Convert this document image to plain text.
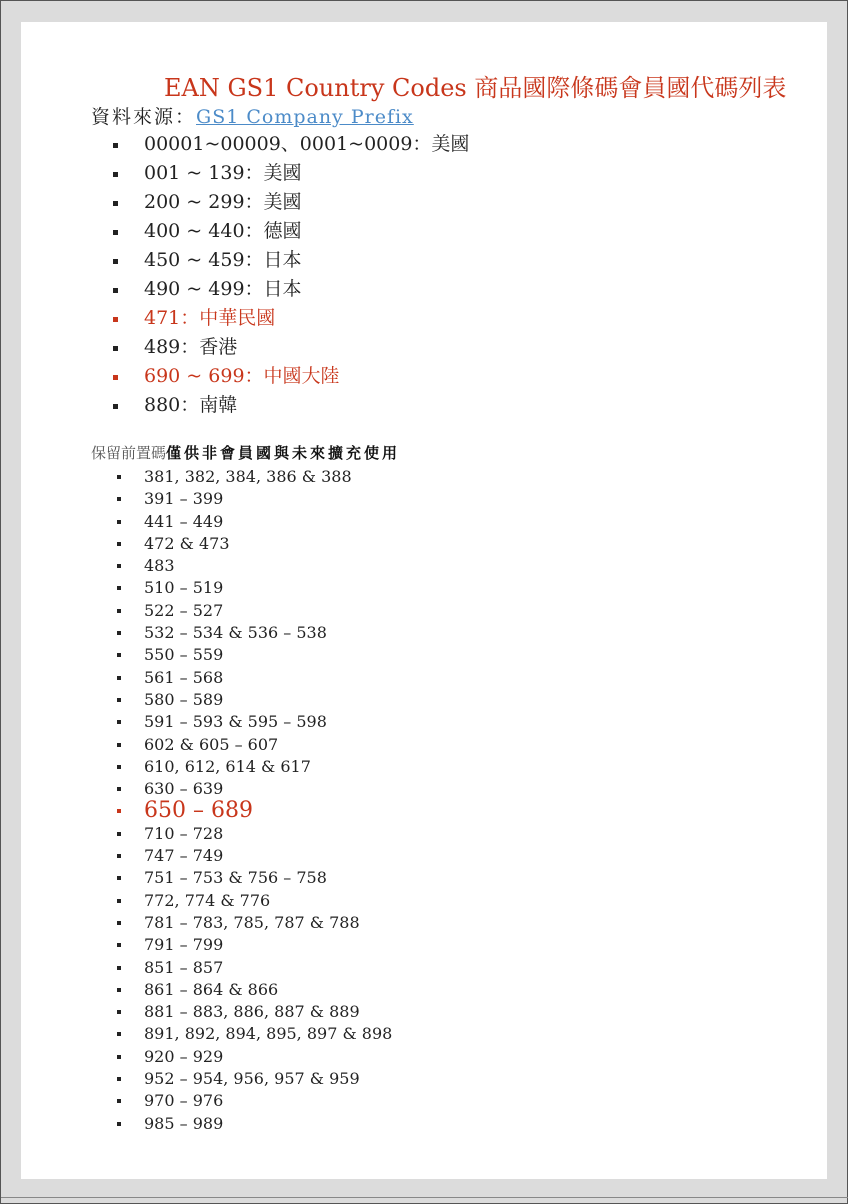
EAN GS1 Country Codes 商品國際條碼會員國代碼列表
資料來源：GS1 Company Prefix
00001~00009、0001~0009：美國
001 ~ 139：美國
200 ~ 299：美國
400 ~ 440：德國
450 ~ 459：日本
490 ~ 499：日本
471：中華民國
489：香港
690 ~ 699：中國大陸
880：南韓
保留前置碼僅供非會員國與未來擴充使用
381, 382, 384, 386 & 388
391 – 399
441 – 449
472 & 473
483
510 – 519
522 – 527
532 – 534 & 536 – 538
550 – 559
561 – 568
580 – 589
591 – 593 & 595 – 598
602 & 605 – 607
610, 612, 614 & 617
630 – 639
650 – 689
710 – 728
747 – 749
751 – 753 & 756 – 758
772, 774 & 776
781 – 783, 785, 787 & 788
791 – 799
851 – 857
861 – 864 & 866
881 – 883, 886, 887 & 889
891, 892, 894, 895, 897 & 898
920 – 929
952 – 954, 956, 957 & 959
970 – 976
985 – 989
